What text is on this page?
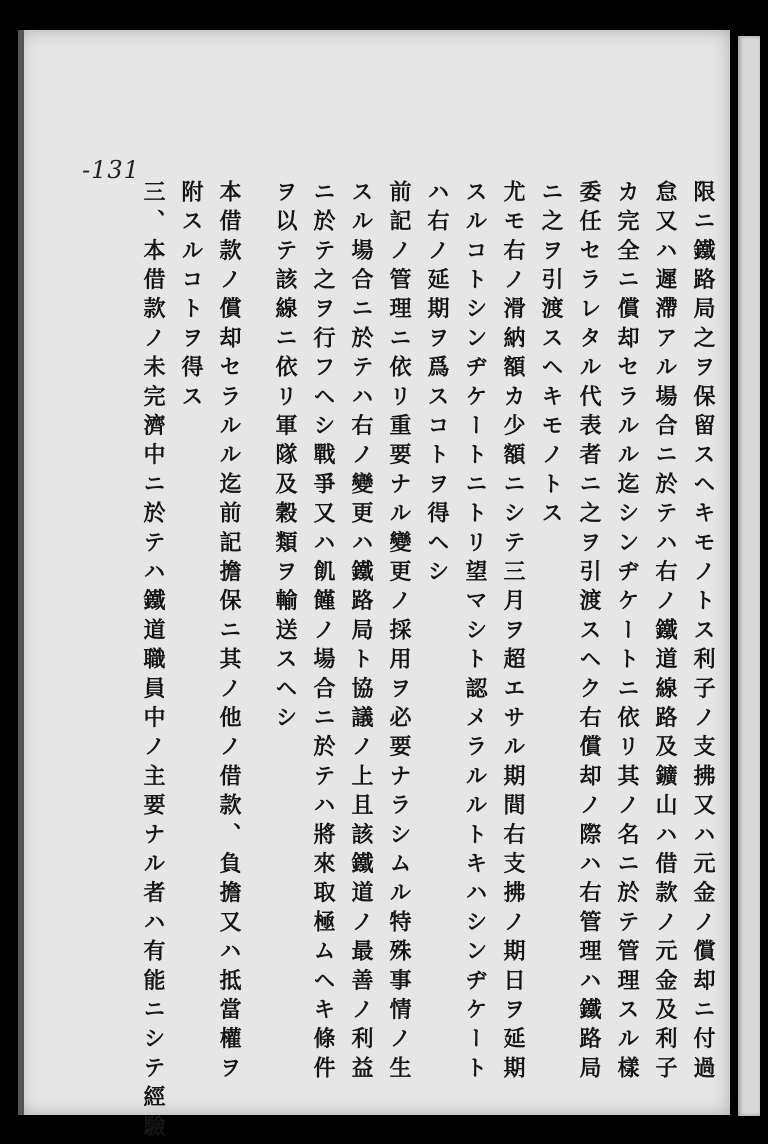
-131
限ニ鐵路局之ヲ保留スヘキモノトス利子ノ支拂又ハ元金ノ償却ニ付過
怠又ハ遲滯アル場合ニ於テハ右ノ鐵道線路及鑛山ハ借款ノ元金及利子
カ完全ニ償却セラルル迄シンヂケートニ依リ其ノ名ニ於テ管理スル樣
委任セラレタル代表者ニ之ヲ引渡スヘク右償却ノ際ハ右管理ハ鐵路局
ニ之ヲ引渡スヘキモノトス
尤モ右ノ滑納額カ少額ニシテ三月ヲ超エサル期間右支拂ノ期日ヲ延期
スルコトシンヂケートニトリ望マシト認メラルルトキハシンヂケート
ハ右ノ延期ヲ爲スコトヲ得ヘシ
前記ノ管理ニ依リ重要ナル變更ノ採用ヲ必要ナラシムル特殊事情ノ生
スル場合ニ於テハ右ノ變更ハ鐵路局ト協議ノ上且該鐵道ノ最善ノ利益
ニ於テ之ヲ行フヘシ戰爭又ハ飢饉ノ場合ニ於テハ將來取極ムヘキ條件
ヲ以テ該線ニ依リ軍隊及穀類ヲ輸送スヘシ
本借款ノ償却セラルル迄前記擔保ニ其ノ他ノ借款、負擔又ハ抵當權ヲ
附スルコトヲ得ス
三、本借款ノ未完濟中ニ於テハ鐵道職員中ノ主要ナル者ハ有能ニシテ經驗
